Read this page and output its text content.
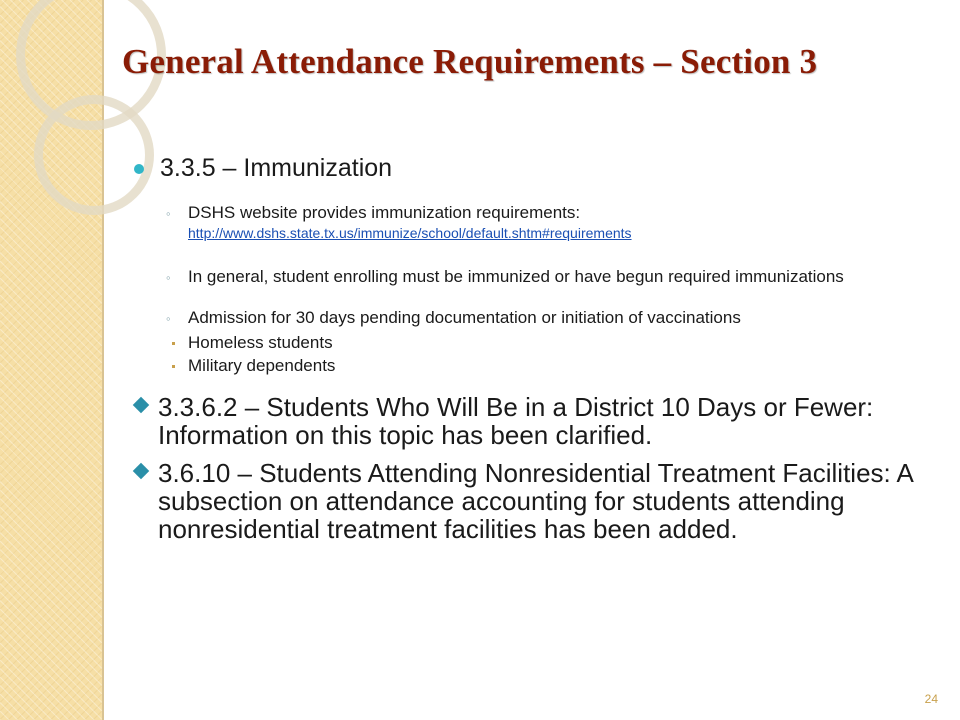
General Attendance Requirements – Section 3
3.3.5 – Immunization
◦ DSHS website provides immunization requirements:
http://www.dshs.state.tx.us/immunize/school/default.shtm#requirements
◦ In general, student enrolling must be immunized or have begun required immunizations
◦ Admission for 30 days pending documentation or initiation of vaccinations
Homeless students
Military dependents
3.3.6.2 – Students Who Will Be in a District 10 Days or Fewer: Information on this topic has been clarified.
3.6.10 – Students Attending Nonresidential Treatment Facilities: A subsection on attendance accounting for students attending nonresidential treatment facilities has been added.
24
